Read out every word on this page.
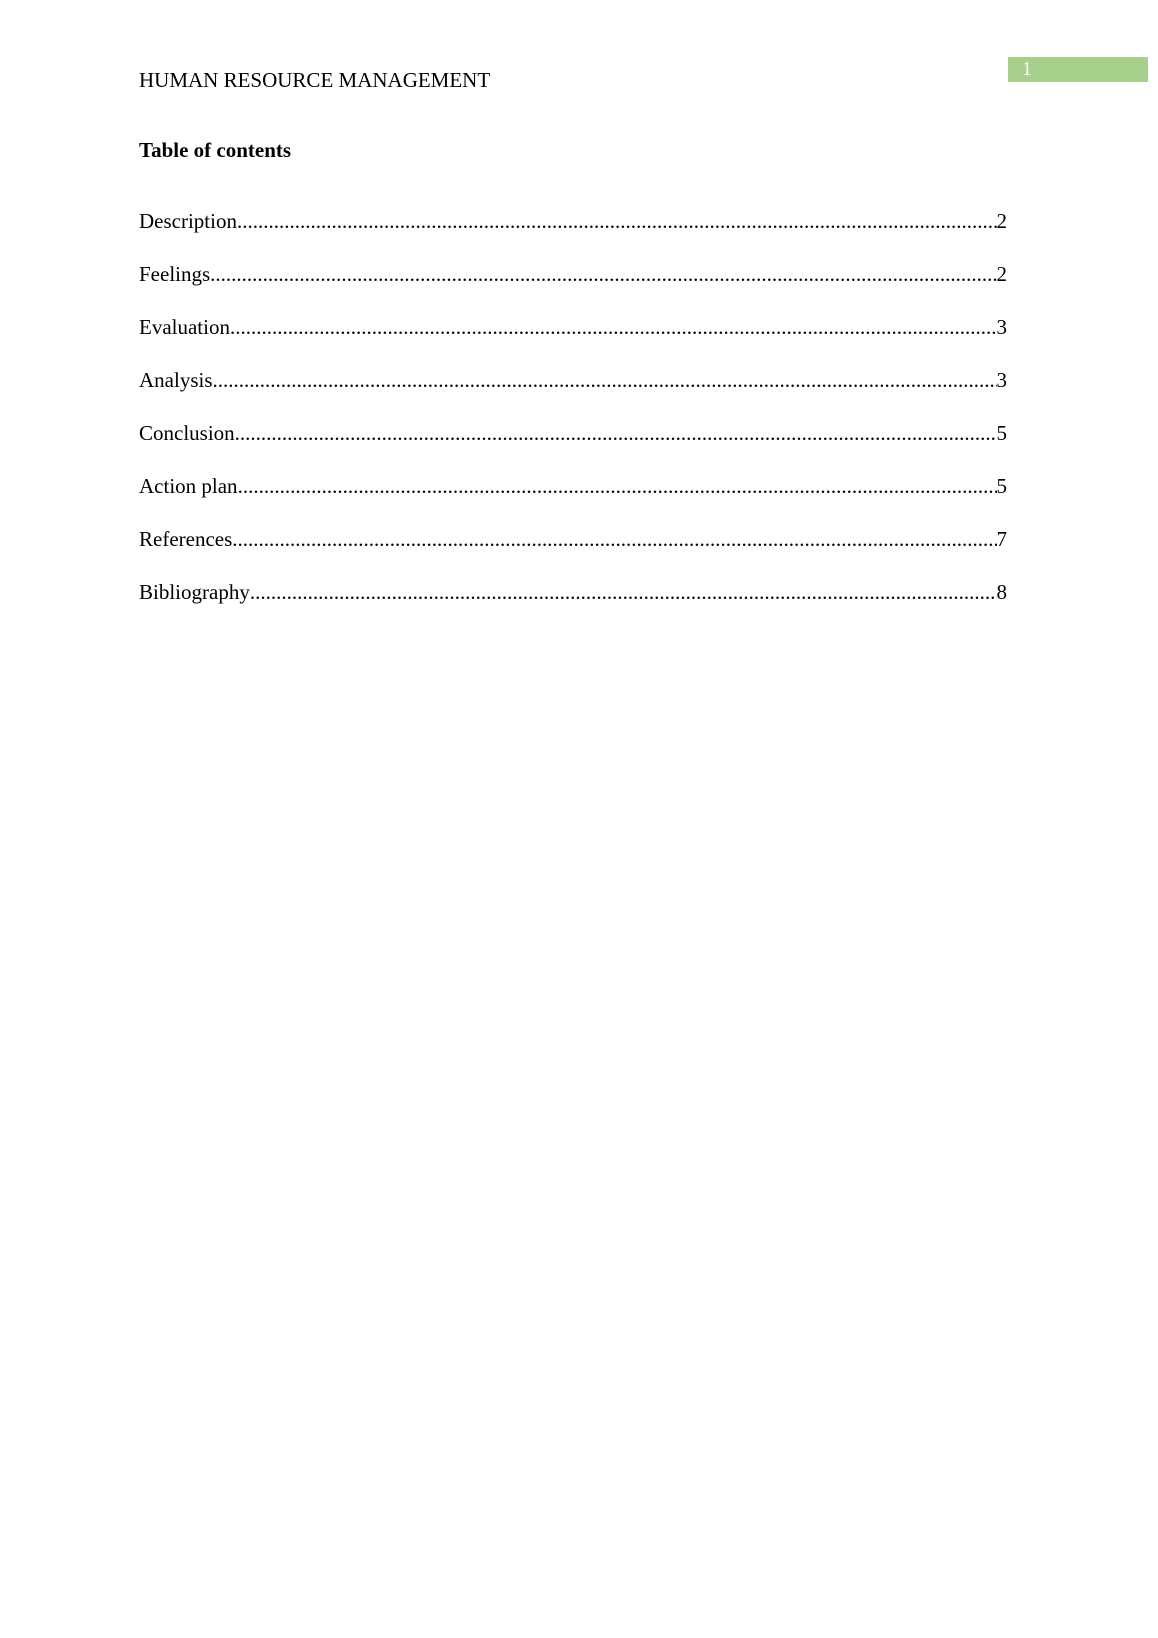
1
HUMAN RESOURCE MANAGEMENT
Table of contents
Description .....	2
Feelings .....	2
Evaluation .....	3
Analysis .....	3
Conclusion .....	5
Action plan .....	5
References .....	7
Bibliography .....	8
